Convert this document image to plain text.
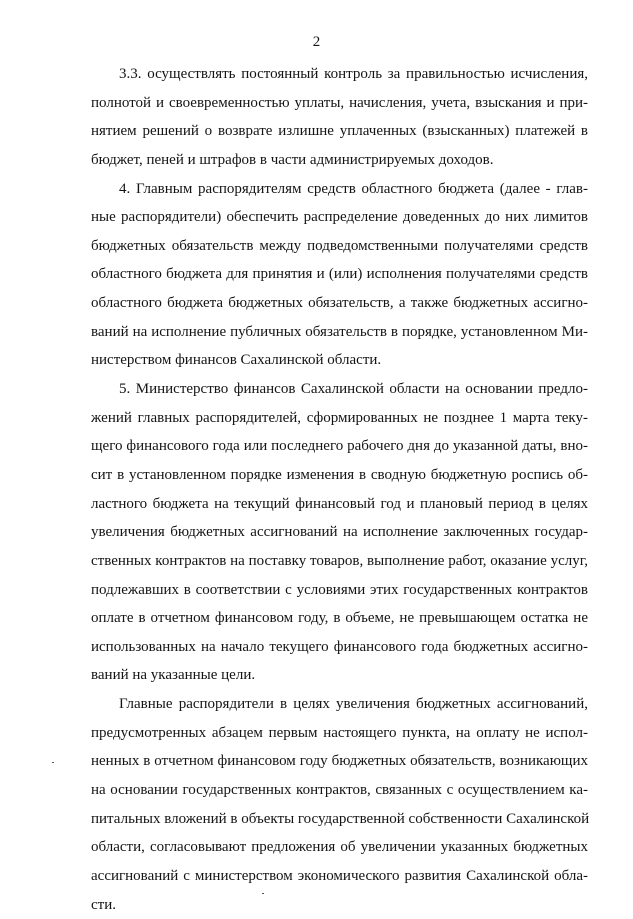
2
3.3. осуществлять постоянный контроль за правильностью исчисления,
полнотой и своевременностью уплаты, начисления, учета, взыскания и при-
нятием решений о возврате излишне уплаченных (взысканных) платежей в
бюджет, пеней и штрафов в части администрируемых доходов.
4. Главным распорядителям средств областного бюджета (далее - глав-
ные распорядители) обеспечить распределение доведенных до них лимитов
бюджетных обязательств между подведомственными получателями средств
областного бюджета для принятия и (или) исполнения получателями средств
областного бюджета бюджетных обязательств, а также бюджетных ассигно-
ваний на исполнение публичных обязательств в порядке, установленном Ми-
нистерством финансов Сахалинской области.
5. Министерство финансов Сахалинской области на основании предло-
жений главных распорядителей, сформированных не позднее 1 марта теку-
щего финансового года или последнего рабочего дня до указанной даты, вно-
сит в установленном порядке изменения в сводную бюджетную роспись об-
ластного бюджета на текущий финансовый год и плановый период в целях
увеличения бюджетных ассигнований на исполнение заключенных государ-
ственных контрактов на поставку товаров, выполнение работ, оказание услуг,
подлежавших в соответствии с условиями этих государственных контрактов
оплате в отчетном финансовом году, в объеме, не превышающем остатка не
использованных на начало текущего финансового года бюджетных ассигно-
ваний на указанные цели.
Главные распорядители в целях увеличения бюджетных ассигнований,
предусмотренных абзацем первым настоящего пункта, на оплату не испол-
ненных в отчетном финансовом году бюджетных обязательств, возникающих
на основании государственных контрактов, связанных с осуществлением ка-
питальных вложений в объекты государственной собственности Сахалинской
области, согласовывают предложения об увеличении указанных бюджетных
ассигнований с министерством экономического развития Сахалинской обла-
сти.
